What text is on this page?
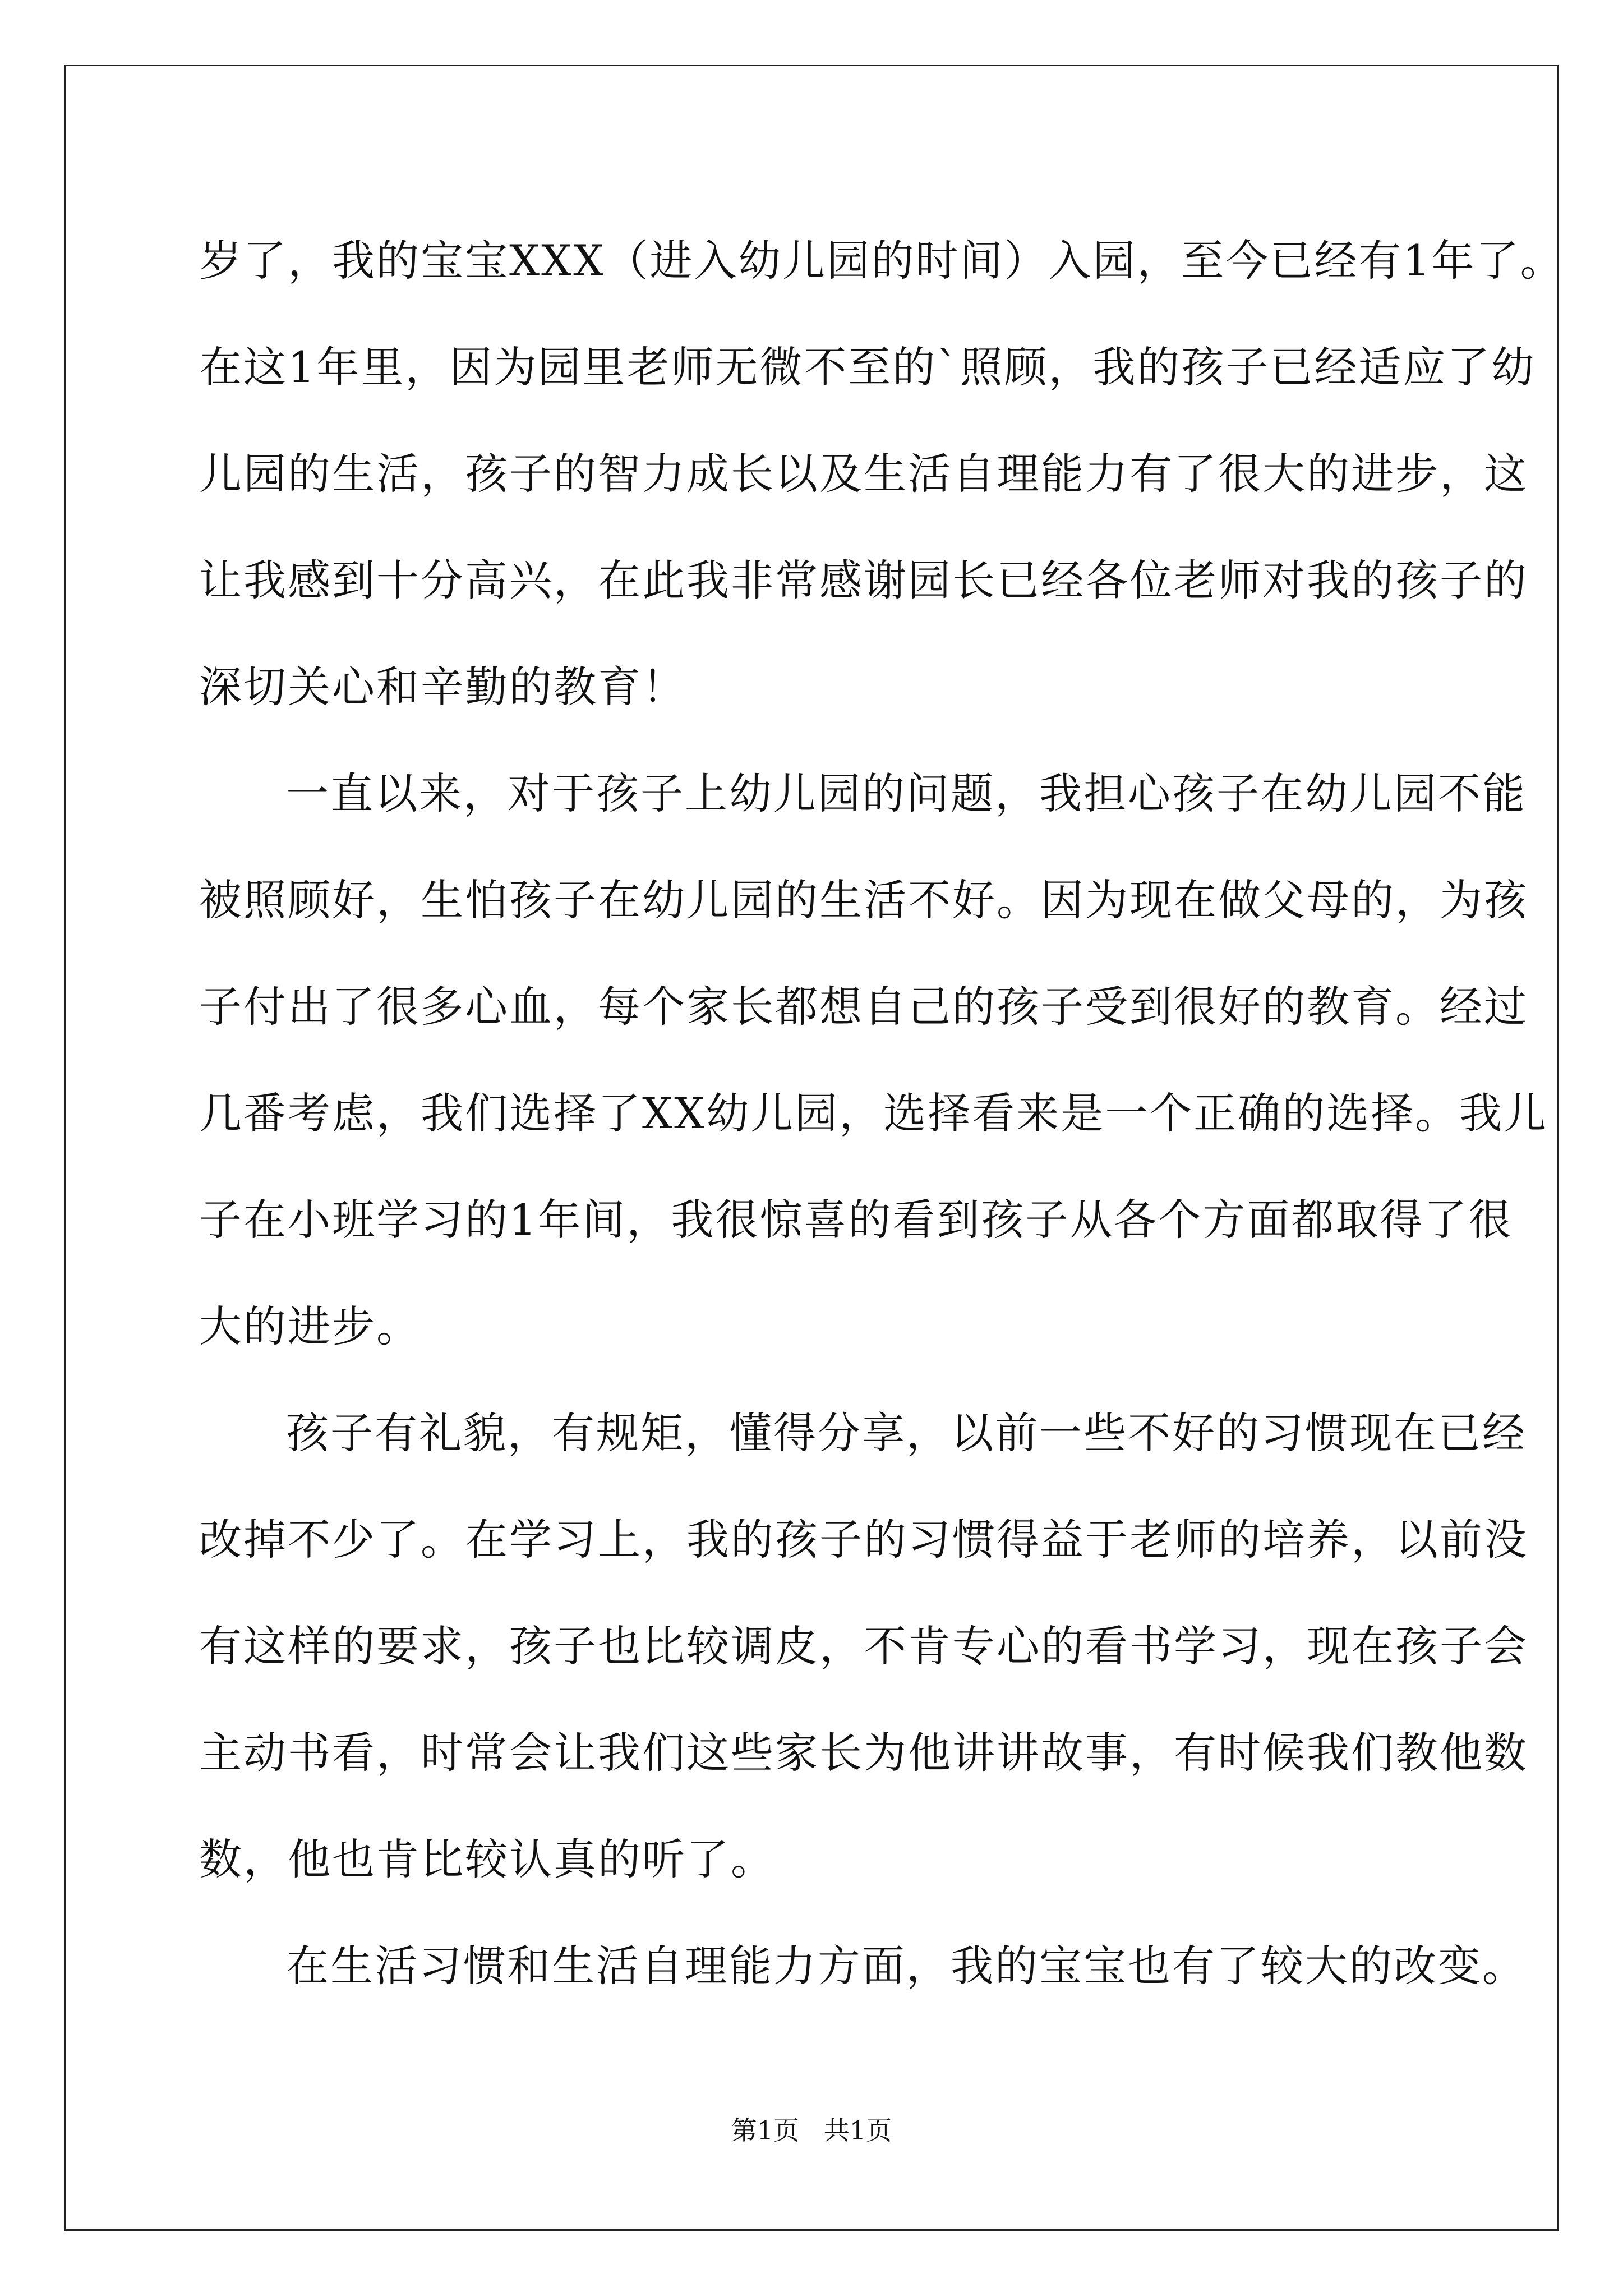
岁了，我的宝宝XXX（进入幼儿园的时间）入园，至今已经有1年了。
在这1年里，因为园里老师无微不至的`照顾，我的孩子已经适应了幼
儿园的生活，孩子的智力成长以及生活自理能力有了很大的进步，这
让我感到十分高兴，在此我非常感谢园长已经各位老师对我的孩子的
深切关心和辛勤的教育！
一直以来，对于孩子上幼儿园的问题，我担心孩子在幼儿园不能
被照顾好，生怕孩子在幼儿园的生活不好。因为现在做父母的，为孩
子付出了很多心血，每个家长都想自己的孩子受到很好的教育。经过
几番考虑，我们选择了XX幼儿园，选择看来是一个正确的选择。我儿
子在小班学习的1年间，我很惊喜的看到孩子从各个方面都取得了很
大的进步。
孩子有礼貌，有规矩，懂得分享，以前一些不好的习惯现在已经
改掉不少了。在学习上，我的孩子的习惯得益于老师的培养，以前没
有这样的要求，孩子也比较调皮，不肯专心的看书学习，现在孩子会
主动书看，时常会让我们这些家长为他讲讲故事，有时候我们教他数
数，他也肯比较认真的听了。
在生活习惯和生活自理能力方面，我的宝宝也有了较大的改变。
第1页   共1页
